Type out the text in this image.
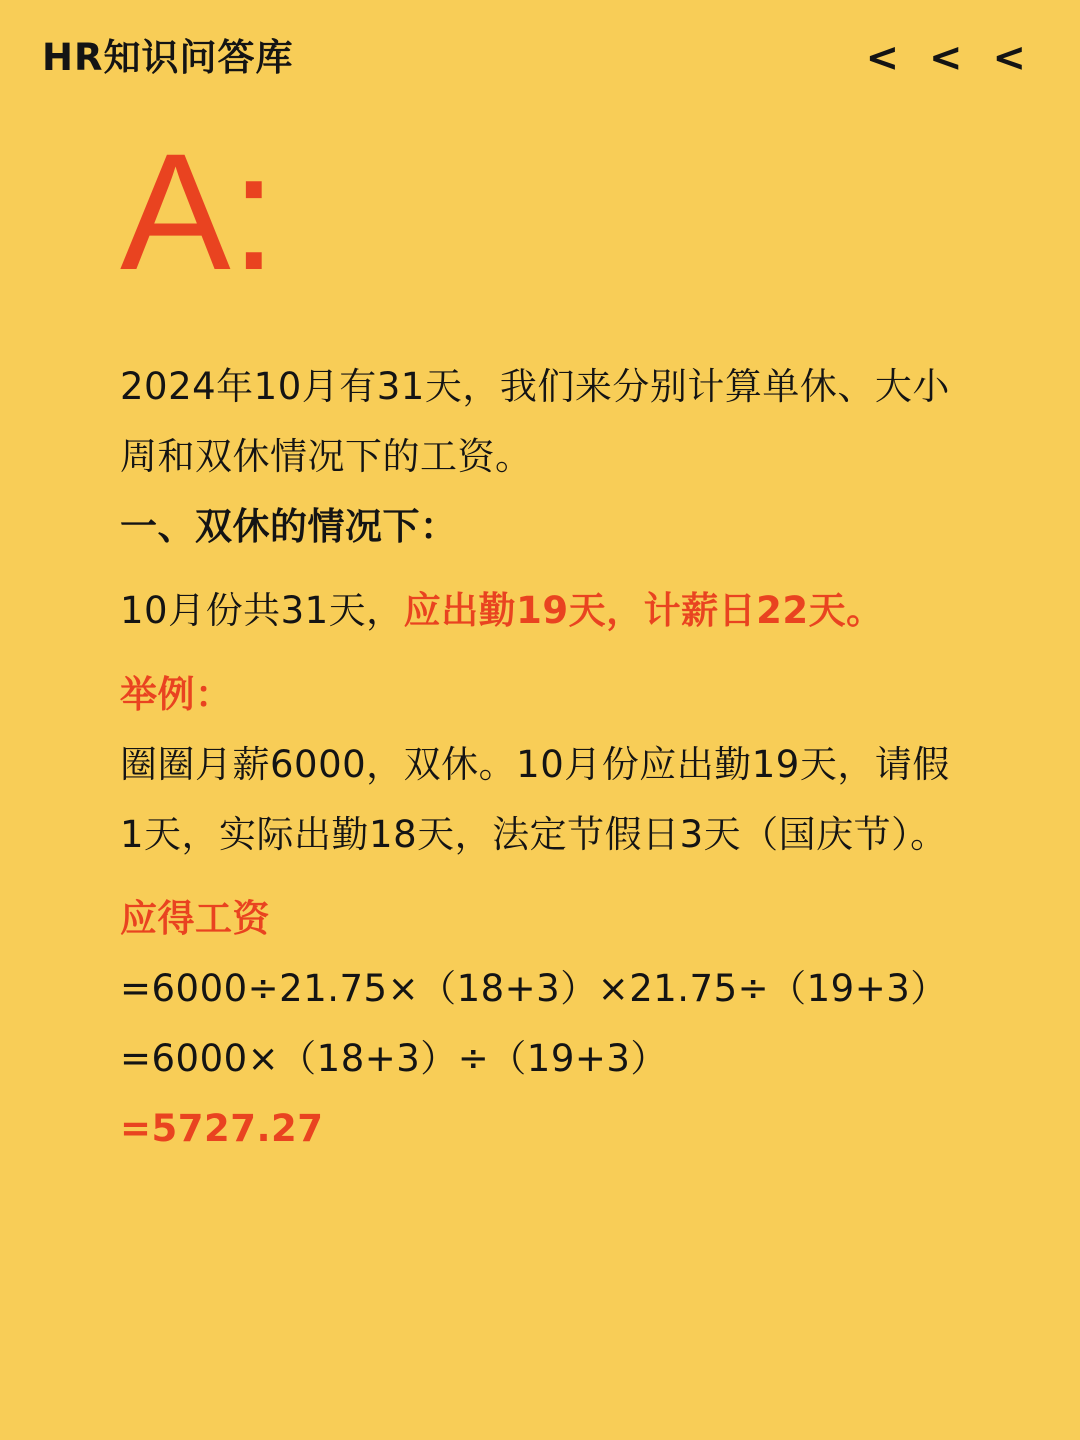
HR知识问答库	< < <
A:

2024年10月有31天，我们来分别计算单休、大小周和双休情况下的工资。

一、双休的情况下：

10月份共31天，应出勤19天，计薪日22天。

举例：

圈圈月薪6000，双休。10月份应出勤19天，请假1天，实际出勤18天，法定节假日3天（国庆节）。

应得工资

=6000÷21.75×（18+3）×21.75÷（19+3）

=6000×（18+3）÷（19+3）

=5727.27
